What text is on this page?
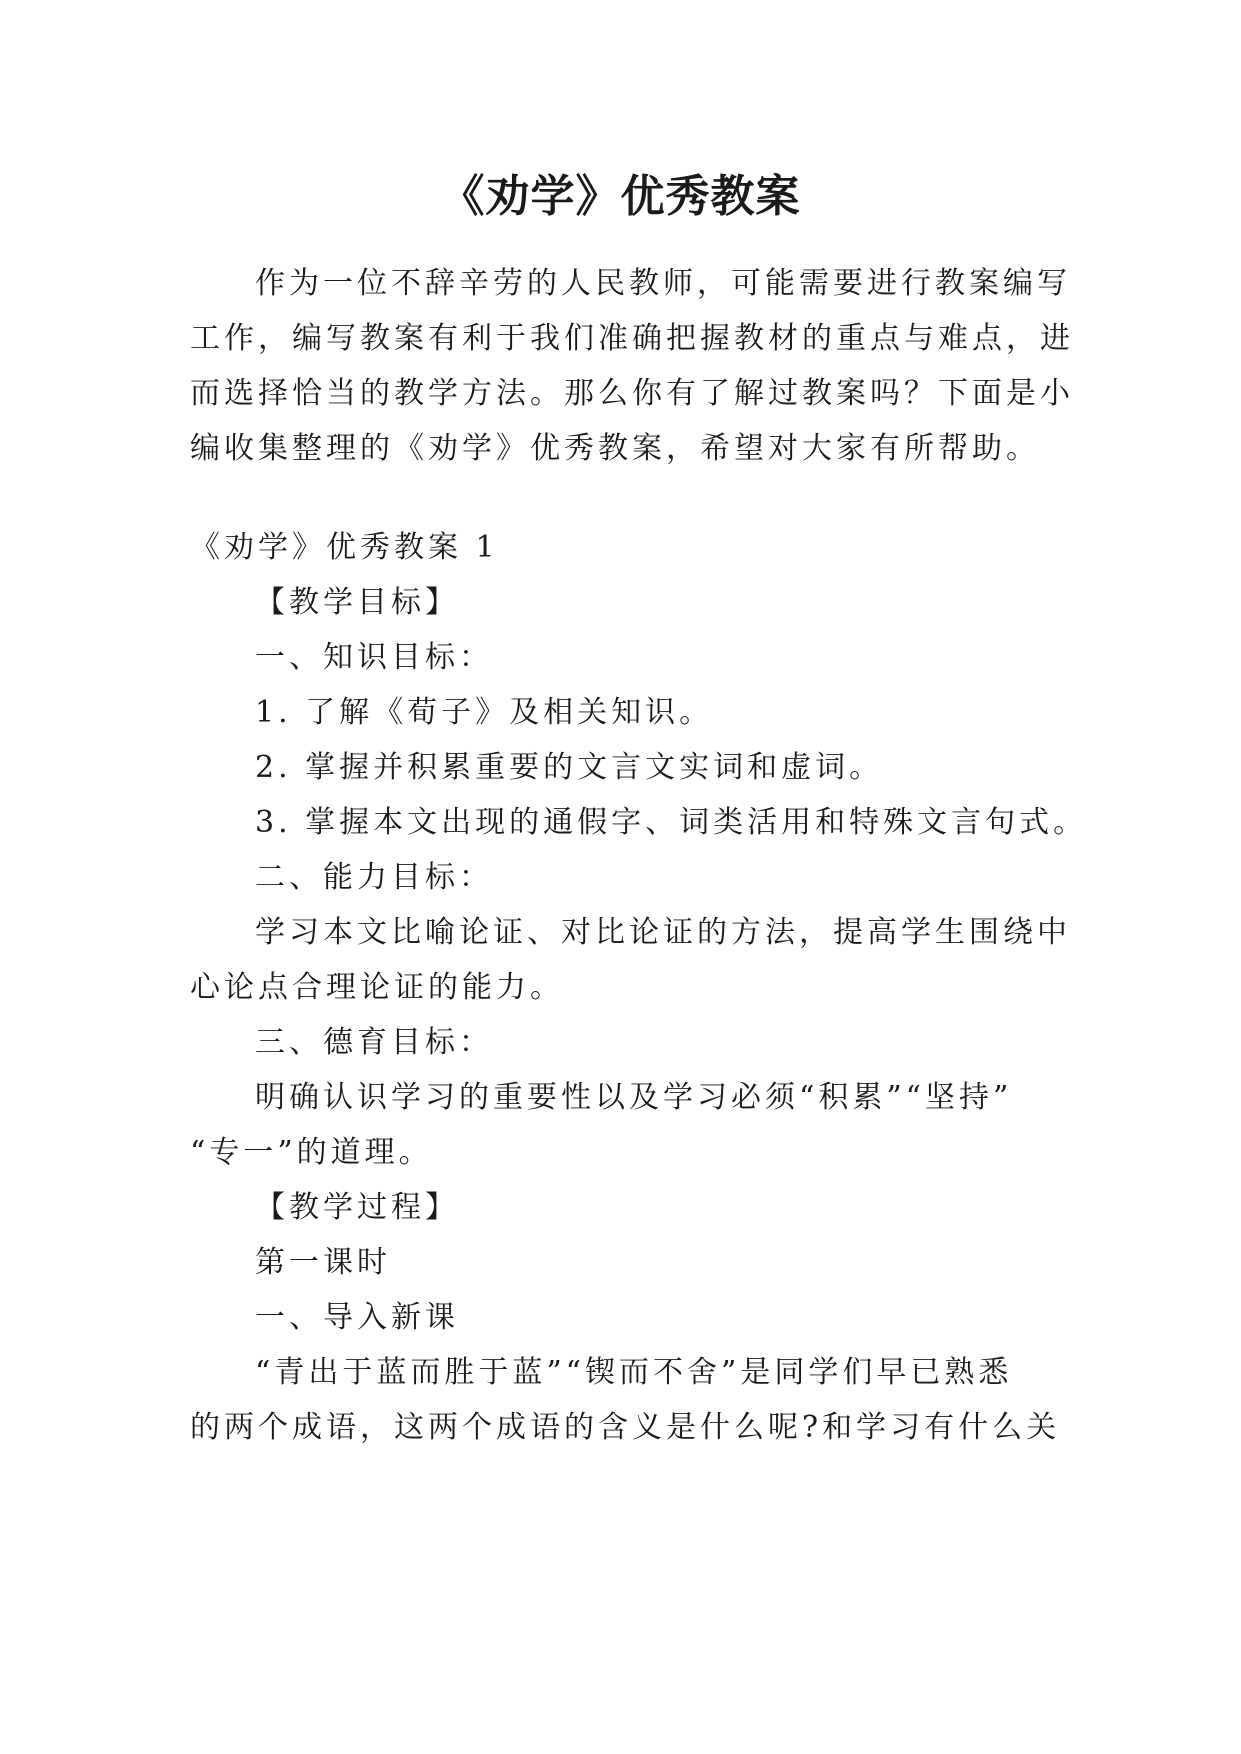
《劝学》优秀教案

作为一位不辞辛劳的人民教师，可能需要进行教案编写

工作，编写教案有利于我们准确把握教材的重点与难点，进

而选择恰当的教学方法。那么你有了解过教案吗？下面是小

编收集整理的《劝学》优秀教案，希望对大家有所帮助。

《劝学》优秀教案 1

【教学目标】

一、知识目标：

1. 了解《荀子》及相关知识。

2. 掌握并积累重要的文言文实词和虚词。

3. 掌握本文出现的通假字、词类活用和特殊文言句式。

二、能力目标：

学习本文比喻论证、对比论证的方法，提高学生围绕中

心论点合理论证的能力。

三、德育目标：

明确认识学习的重要性以及学习必须“积累”“坚持”

“专一”的道理。

【教学过程】

第一课时

一、导入新课

“青出于蓝而胜于蓝”“锲而不舍”是同学们早已熟悉

的两个成语，这两个成语的含义是什么呢?和学习有什么关
